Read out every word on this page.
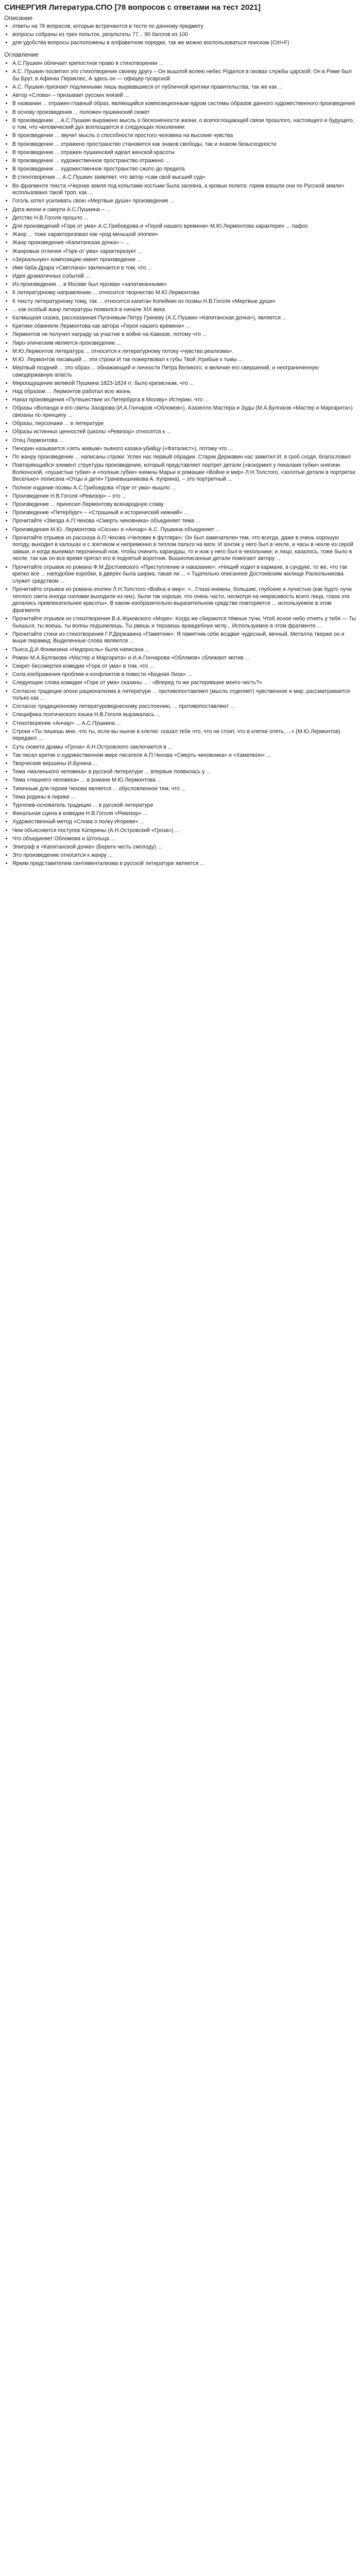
СИНЕРГИЯ Литература.СПО [78 вопросов с ответами на тест 2021]
Описание
• ответы на 78 вопросов, которые встречаются в тесте по данному предмету
• вопросы собраны из трех попыток, результаты 77... 90 баллов из 100
• для удобства вопросы расположены в алфавитном порядке, так же можно воспользоваться поиском (Ctrl+F)
Оглавление
• А.С.Пушкин обличает крепостное право в стихотворении ...
• А.С. Пушкин посвятил это стихотворение своему другу – Он вышлой волею небес Родился в оковах службы царской; Он в Риме был бы Брут, в Афинах Периклес, А здесь он — офицер гусарской.
• А.С. Пушкин признает подлинными лишь вырвавшиеся от публичной критики правительства, так же как ...
• Автор «Слова» – призывает русских князей ...
• В названии ... отражен главный образ, являющийся композиционным ядром системы образов данного художественного произведения
• В основу произведения ... положен пушкинский сюжет
• В произведении ... А.С.Пушкин выражено мысль о бесконечности жизни, о всепоглощающей связи прошлого, настоящего и будущего, о том, что человеческий дух воплощается в следующих поколениях
• В произведении ... звучит мысль о способности простого человека на высокие чувства
• В произведении ... отражено пространство становится как знаков свободы, так и знаком безысходности
• В произведении ... отражен пушкинский идеал женской красоты
• В произведении ... художественное пространство отражено ...
• В произведении ... художественное пространство сжато до предела
• В стихотворении ... А.С.Пушкин заявляет, что автор «сам свой высший суд»
• Во фрагменте текста «Черная земля под копытами костьми была засеяна, а кровью полита: горем взошли они по Русской земли» использовано такой троп, как ...
• Гоголь хотел усиливать свою «Мертвые души» произведение ...
• Дата жизни и смерти А.С.Пушкина – ...
• Детство Н.В.Гоголя прошло ...
• Для произведений «Горе от ума» А.С.Грибоедова и «Герой нашего времени» М.Ю.Лермонтова характерен ... пафос
• Жанр ... тоже характеризовал как «род меньшой эпопеи»
• Жанр произведения «Капитанская дочка» – ...
• Жанровые отличия «Горе от ума» характеризует ...
• «Зеркальную» композицию имеет произведение ...
• Имя баба-Драра «Светлана» заключается в том, что ...
• Идея драматичных событий ...
• Из произведения ... в Москве был прозван «запатиканными»
• К литературному направлению ... относится творчество М.Ю.Лермонтова
• К тексту литературному тому, так ... относится капитан Копейкин из поэмы Н.В.Гоголя «Мертвые души»
• ... как особый жанр литературы появился в начале XIX века
• Калмыцкая сказка, рассказанная Пугачевым Петру Гриневу (А.С.Пушкин «Капитанская дочка»), является ...
• Критики обвиняли Лермонтова как автора «Героя нашего времени» ...
• Лермонтов не получил награду за участие в войне на Кавказе, потому что ...
• Лиро-эпическим является произведение ...
• М.Ю.Лермонтов литература ... относится к литературному потоку «чувства реализма».
• М.Ю. Лермонтов писавший ... эти строки И так пожертвовал к губы Твой Угрибые к тьмы ...
• Мёртвый поздний ... это образ-... обнажающий и личности Петра Великого, и величие его свершений, и неограниченную самодержавную власть
• Мироощущение великой Пушкина 1823-1824 гг. было кризисным, что ...
• Над образом ... Лермонтов работал всю жизнь
• Наказ произведения «Путешествие из Петербурга в Москву» Истерию, что ...
• Образы «Воланда и его свиты Захарова (И.А.Гончаров «Обломов»), Азазелло Мастера и Зуды (М.А.Булгаков «Мастер и Маргарита») связаны по принципу ...
• Образы, персонажи ... в литературе
• Образы истинных ценностей (школы «Ревизор» относятся к ...
• Отец Лермонтова ...
• Печорин называется «зять живым» пьяного казака-убийцу («Фаталист»), потому что ...
• По жанру произведение ... написаны строки: Успех нас первый обрадии. Старик Державин нас заметил И, в гроб сходя, благословил
• Повторяющийся элемент структуры произведения, который представляет портрет детали («вскормил у пекалаии губки» княгини Волконской, «пушистые губки» и «полные губки» княжны Марьи и ромашки «Войне и мир» Л.Н.Толстого, «золотые детали в портретах Веселько» пописана «Отцы и дети» Грачевышникова А. Куприна), – это портретный ...
• Полное издание поэмы А.С.Грибоедова «Горе от ума» вышло ...
• Произведение Н.В.Гоголя «Ревизор» – это ...
• Произведение ... приносил Лермонтову всенародную славу
• Произведение «Петербург» – «Страшный и исторический нижний» ...
• Прочитайте «Звезда А.П.Чехова «Смерть чиновника» объединяет тема ...
• Произведения М.Ю. Лермонтова «Сосна» и «Анчар» А.С. Пушкина объединяет ...
• Прочитайте отрывок из рассказа А.П.Чехова «Человек в футляре»: Он был замечателен тем, что всегда, даже в очень хорошую погоду, выходил в калошах и с зонтиком и непременно в теплом пальто на вате. И зонтик у него был в чехле, и часы в чехле из серой замши, и когда вынимал перочинный нож, чтобы очинить карандаш, то и нож у него был в чехольчике; и лицо, казалось, тоже было в чехле, так как он все время прятал его в поднятый воротник. Вышеописанные детали помогают автору ...
• Прочитайте отрывок из романа Ф.М.Достоевского «Преступление и наказание»: «Нищий ходил в кармане, в сундуке, то же, что так крепко все ... наподобие коробки, в дверях была ширма, такая ли ... » Тщательно описанное Достоевским жилище Раскольникова служит средством ...
• Прочитайте отрывок из романа-эпопеи Л.Н.Толстого «Война и мир»: «...Глаза княжны, большие, глубокие и лучистые (как будто лучи теплого света иногда снопами выходили из них), были так хороши, что очень часто, несмотря на некрасивость всего лица, глаза эти делались привлекательнее красоты». В каком изобразительно-выразительном средстве повторяется ... используемое в этом фрагменте
• Прочитайте отрывок из стихотворения В.А.Жуковского «Море»: Когда же сбираются тёмные тучи, Чтоб ясное небо отнять у тебя — Ты бьешься, ты воешь, ты волны подъемлешь, Ты рвешь и терзаешь враждебную мглу... Используемое в этом фрагменте ...
• Прочитайте стихи из стихотворения Г.Р.Державина «Памятник»: Я памятник себе воздвиг чудесный, вечный, Металла тверже он и выше пирамид; Выделенные слова являются ...
• Пьеса Д.И.Фонвизина «Недоросль» была написана ...
• Роман М.А.Булгакова «Мастер и Маргарита» и И.А.Гончарова «Обломов» сближают мотив ...
• Секрет бессмертия комедии «Горе от ума» в том, что ...
• Сила изображения проблем и конфликтов в повести «Бедная Лиза» ...
• Следующие слова комедии «Горе от ума» сказаны ... : «Вперед то же растерявшее моего честь?»
• Согласно традиции эпохи рационализма в литературе ... противопоставляют (мысль отделяет) чувственное и мир, рассматривается только как ...
• Согласно традиционному литературоведческому расслоению, ... противопоставляют ...
• Специфика поэтического языка Н.В.Гоголя выражалась ...
• Стихотворение «Анчар» ... А.С.Пушкина ...
• Строки «Ты пишешь мне, что ты, если вы нынче в клетке: сказал тебе что, что не стоит, что в клетке опять, ...» (М.Ю.Лермонтов) передают ...
• Суть сюжета драмы «Гроза» А.Н.Островского заключается в ...
• Так писал критик о художественном мире писателя А.П.Чехова «Смерть чиновника» и «Хамелеон» ...
• Творческие вершины И.Бунина ...
• Тема «маленького человека» в русской литературе ... впервые появилась у ...
• Тема «лишнего человека» ... в романе М.Ю.Лермонтова ...
• Типичным для героев Чехова является ... обусловленное тем, что ...
• Тема родины в лирике ...
• Тургенев-основатель традиции ... в русской литературе
• Финальная сцена в комедии Н.В.Гоголя «Ревизор» ...
• Художественный метод «Слова о полку Игореве» ...
• Чем объясняется поступок Катерины (А.Н.Островский «Гроза») ...
• Что объединяет Обломова и Штольца ...
• Эпиграф в «Капитанской дочке» (Береги честь смолоду) ...
• Это произведение относится к жанру ...
• Ярким представителем сентиментализма в русской литературе является ...
